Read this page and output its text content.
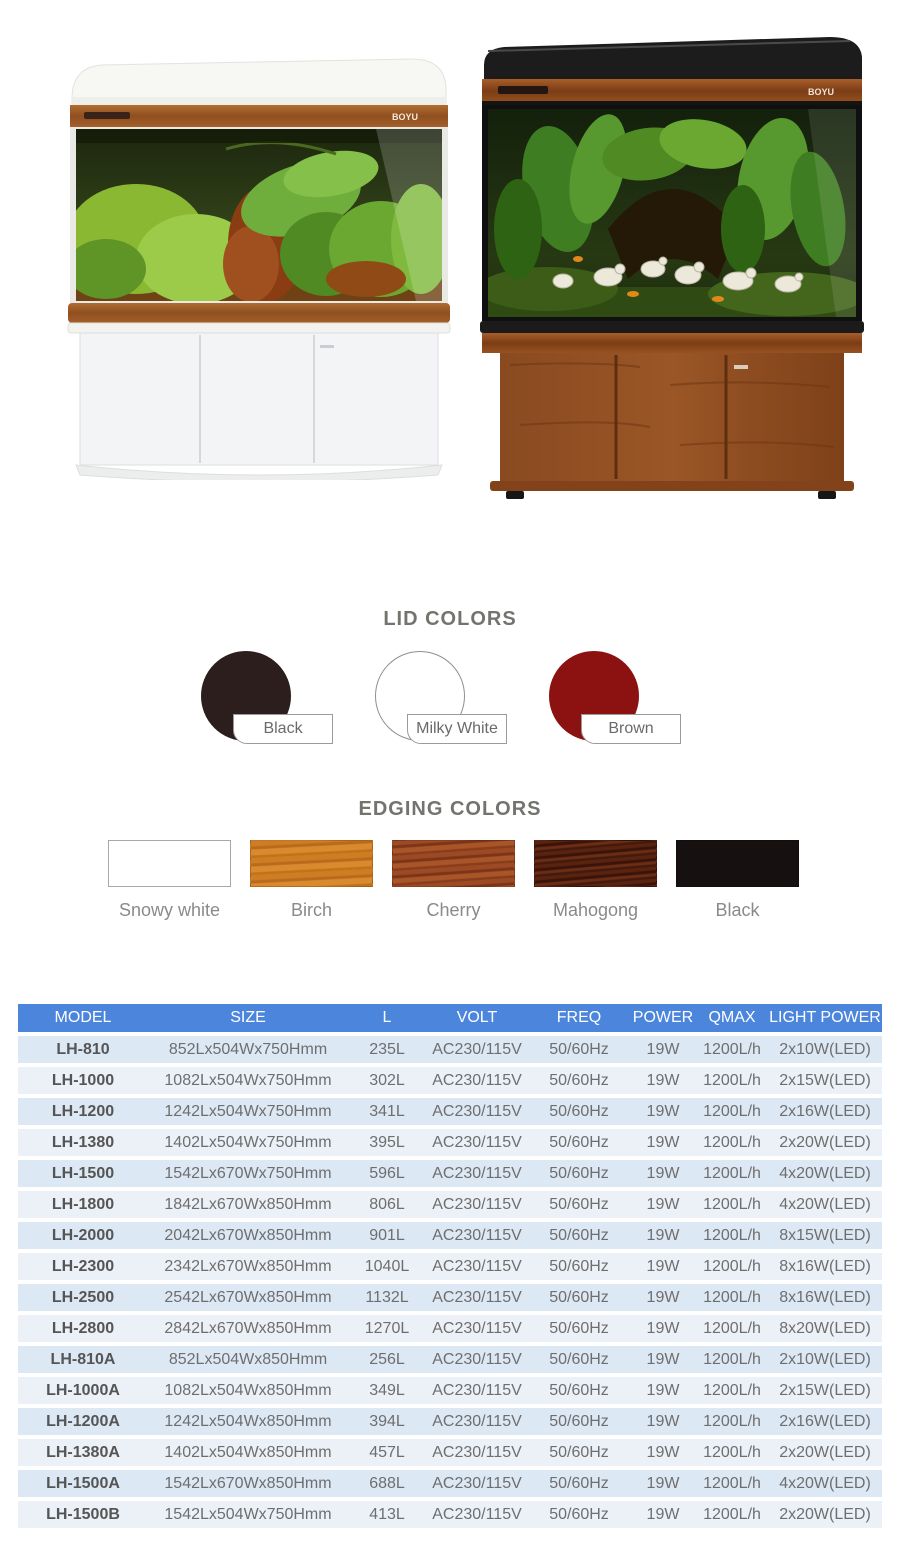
BOYU
BOYU
LID COLORS
Black	Milky White	Brown
EDGING COLORS
Snowy white	Birch	Cherry	Mahogong	Black
MODEL	SIZE	L	VOLT	FREQ	POWER	QMAX	LIGHT POWER
LH-810	852Lx504Wx750Hmm	235L	AC230/115V	50/60Hz	19W	1200L/h	2x10W(LED)
LH-1000	1082Lx504Wx750Hmm	302L	AC230/115V	50/60Hz	19W	1200L/h	2x15W(LED)
LH-1200	1242Lx504Wx750Hmm	341L	AC230/115V	50/60Hz	19W	1200L/h	2x16W(LED)
LH-1380	1402Lx504Wx750Hmm	395L	AC230/115V	50/60Hz	19W	1200L/h	2x20W(LED)
LH-1500	1542Lx670Wx750Hmm	596L	AC230/115V	50/60Hz	19W	1200L/h	4x20W(LED)
LH-1800	1842Lx670Wx850Hmm	806L	AC230/115V	50/60Hz	19W	1200L/h	4x20W(LED)
LH-2000	2042Lx670Wx850Hmm	901L	AC230/115V	50/60Hz	19W	1200L/h	8x15W(LED)
LH-2300	2342Lx670Wx850Hmm	1040L	AC230/115V	50/60Hz	19W	1200L/h	8x16W(LED)
LH-2500	2542Lx670Wx850Hmm	1132L	AC230/115V	50/60Hz	19W	1200L/h	8x16W(LED)
LH-2800	2842Lx670Wx850Hmm	1270L	AC230/115V	50/60Hz	19W	1200L/h	8x20W(LED)
LH-810A	852Lx504Wx850Hmm	256L	AC230/115V	50/60Hz	19W	1200L/h	2x10W(LED)
LH-1000A	1082Lx504Wx850Hmm	349L	AC230/115V	50/60Hz	19W	1200L/h	2x15W(LED)
LH-1200A	1242Lx504Wx850Hmm	394L	AC230/115V	50/60Hz	19W	1200L/h	2x16W(LED)
LH-1380A	1402Lx504Wx850Hmm	457L	AC230/115V	50/60Hz	19W	1200L/h	2x20W(LED)
LH-1500A	1542Lx670Wx850Hmm	688L	AC230/115V	50/60Hz	19W	1200L/h	4x20W(LED)
LH-1500B	1542Lx504Wx750Hmm	413L	AC230/115V	50/60Hz	19W	1200L/h	2x20W(LED)
